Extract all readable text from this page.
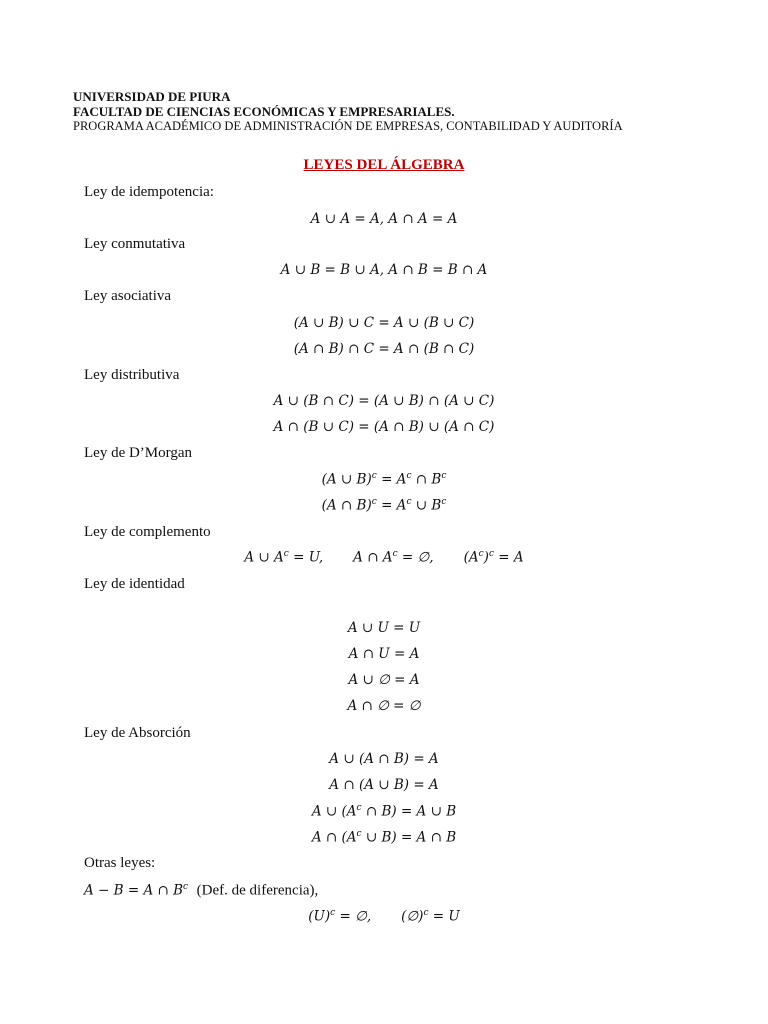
UNIVERSIDAD DE PIURA
FACULTAD DE CIENCIAS ECONÓMICAS Y EMPRESARIALES.
PROGRAMA ACADÉMICO DE ADMINISTRACIÓN DE EMPRESAS, CONTABILIDAD Y AUDITORÍA
LEYES DEL ÁLGEBRA
Ley de idempotencia:
A ∪ A = A, A ∩ A = A
Ley conmutativa
A ∪ B = B ∪ A, A ∩ B = B ∩ A
Ley asociativa
(A ∪ B) ∪ C = A ∪ (B ∪ C)
(A ∩ B) ∩ C = A ∩ (B ∩ C)
Ley distributiva
A ∪ (B ∩ C) = (A ∪ B) ∩ (A ∪ C)
A ∩ (B ∪ C) = (A ∩ B) ∪ (A ∩ C)
Ley de D’Morgan
(A ∪ $B)^c = A^c$ ∩ $B^c$
(A ∩ $B)^c = A^c$ ∪ $B^c$
Ley de complemento
A ∪ $A^c = U$,       A ∩ $A^c$ = ∅,       $(A^c)^c = A$
Ley de identidad
A ∪ U = U
A ∩ U = A
A ∪ ∅ = A
A ∩ ∅ = ∅
Ley de Absorción
A ∪ (A ∩ B) = A
A ∩ (A ∪ B) = A
A ∪ ($A^c$ ∩ B) = A ∪ B
A ∩ ($A^c$ ∪ B) = A ∩ B
Otras leyes:
A − B = A ∩ $B^c$ (Def. de diferencia),
$(U)^c$ = ∅,       (∅)$^c$ = U
